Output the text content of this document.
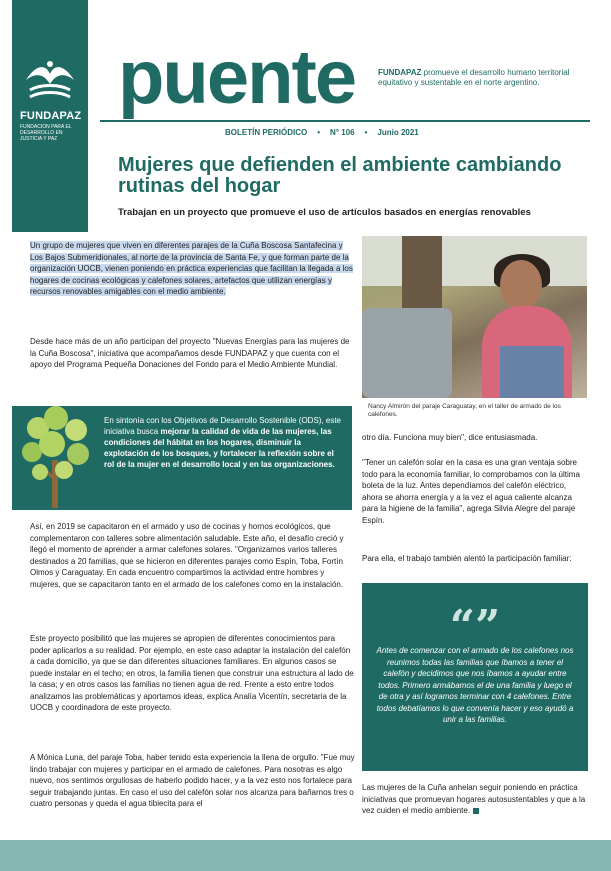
FUNDAPAZ
FUNDACION PARA EL DESARROLLO EN JUSTICIA Y PAZ
puente	FUNDAPAZ promueve el desarrollo humano territorial equitativo y sustentable en el norte argentino.
BOLETÍN PERIÓDICO • N° 106 • Junio 2021
Mujeres que defienden el ambiente cambiando rutinas del hogar
Trabajan en un proyecto que promueve el uso de artículos basados en energías renovables
Un grupo de mujeres que viven en diferentes parajes de la Cuña Boscosa Santafecina y Los Bajos Submeridionales, al norte de la provincia de Santa Fe, y que forman parte de la organización UOCB, vienen poniendo en práctica experiencias que facilitan la llegada a los hogares de cocinas ecológicas y calefones solares, artefactos que utilizan energías y recursos renovables amigables con el medio ambiente.
Desde hace más de un año participan del proyecto "Nuevas Energías para las mujeres de la Cuña Boscosa", iniciativa que acompañamos desde FUNDAPAZ y que cuenta con el apoyo del Programa Pequeña Donaciones del Fondo para el Medio Ambiente Mundial.
Nancy Almirón del paraje Caraguatay, en el taller de armado de los calefones.
En sintonía con los Objetivos de Desarrollo Sostenible (ODS), este iniciativa busca mejorar la calidad de vida de las mujeres, las condiciones del hábitat en los hogares, disminuir la explotación de los bosques, y fortalecer la reflexión sobre el rol de la mujer en el desarrollo local y en las organizaciones.
Así, en 2019 se capacitaron en el armado y uso de cocinas y hornos ecológicos, que complementaron con talleres sobre alimentación saludable. Este año, el desafío creció y llegó el momento de aprender a armar calefones solares. "Organizamos varios talleres destinados a 20 familias, que se hicieron en diferentes parajes como Espín, Toba, Fortín Olmos y Caraguatay. En cada encuentro compartimos la actividad entre hombres y mujeres, que se capacitaron tanto en el armado de los calefones como en la instalación.
Este proyecto posibilitó que las mujeres se apropien de diferentes conocimientos para poder aplicarlos a su realidad. Por ejemplo, en este caso adaptar la instalación del calefón a cada domicilio, ya que se dan diferentes situaciones familiares. En algunos casos se puede instalar en el techo; en otros, la familia tienen que construir una estructura al lado de la casa; y en otros casos las familias no tienen agua de red. Frente a esto entre todos analizamos las problemáticas y aportamos ideas, explica Analía Vicentín, secretaria de la UOCB y coordinadora de este proyecto.
A Mónica Luna, del paraje Toba, haber tenido esta experiencia la llena de orgullo. "Fue muy lindo trabajar con mujeres y participar en el armado de calefones. Para nosotras es algo nuevo, nos sentimos orgullosas de haberlo podido hacer, y a la vez esto nos fortalece para seguir trabajando juntas. En caso el uso del calefón solar nos alcanza para bañarnos tres o cuatro personas y queda el agua tibiecita para el
otro día. Funciona muy bien", dice entusiasmada.
"Tener un calefón solar en la casa es una gran ventaja sobre todo para la economía familiar, lo comprobamos con la última boleta de la luz. Antes dependíamos del calefón eléctrico, ahora se ahorra energía y a la vez el agua caliente alcanza para la higiene de la familia", agrega Silvia Alegre del paraje Espín.
Para ella, el trabajo también alentó la participación familiar:
“”
Antes de comenzar con el armado de los calefones nos reunimos todas las familias que íbamos a tener el calefón y decidimos que nos íbamos a ayudar entre todos. Primero armábamos el de una familia y luego el de otra y así logramos terminar con 4 calefones. Entre todos debatíamos lo que convenía hacer y eso ayudó a unir a las familias.
Las mujeres de la Cuña anhelan seguir poniendo en práctica iniciativas que promuevan hogares autosustentables y que a la vez cuiden el medio ambiente.
